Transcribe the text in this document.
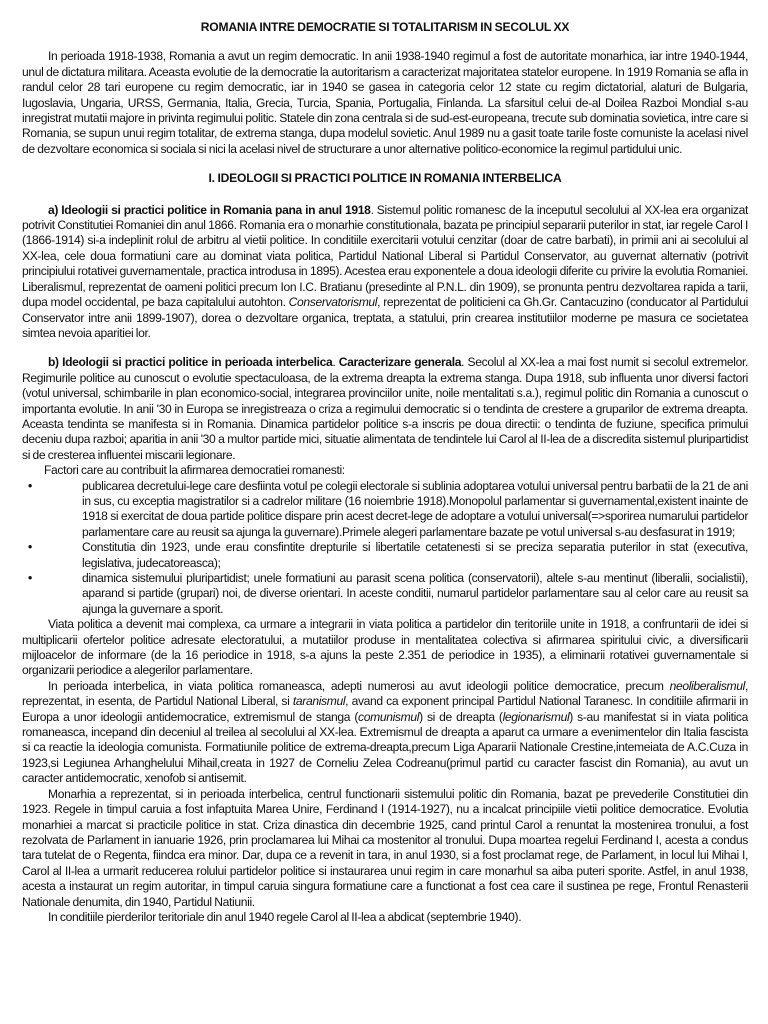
ROMANIA INTRE DEMOCRATIE SI TOTALITARISM IN SECOLUL XX

In perioada 1918-1938, Romania a avut un regim democratic. In anii 1938-1940 regimul a fost de autoritate monarhica, iar intre 1940-1944, unul de dictatura militara. Aceasta evolutie de la democratie la autoritarism a caracterizat majoritatea statelor europene. In 1919 Romania se afla in randul celor 28 tari europene cu regim democratic, iar in 1940 se gasea in categoria celor 12 state cu regim dictatorial, alaturi de Bulgaria, Iugoslavia, Ungaria, URSS, Germania, Italia, Grecia, Turcia, Spania, Portugalia, Finlanda. La sfarsitul celui de-al Doilea Razboi Mondial s-au inregistrat mutatii majore in privinta regimului politic. Statele din zona centrala si de sud-est-europeana, trecute sub dominatia sovietica, intre care si Romania, se supun unui regim totalitar, de extrema stanga, dupa modelul sovietic. Anul 1989 nu a gasit toate tarile foste comuniste la acelasi nivel de dezvoltare economica si sociala si nici la acelasi nivel de structurare a unor alternative politico-economice la regimul partidului unic.

I. IDEOLOGII SI PRACTICI POLITICE IN ROMANIA INTERBELICA

a) Ideologii si practici politice in Romania pana in anul 1918. Sistemul politic romanesc de la inceputul secolului al XX-lea era organizat potrivit Constitutiei Romaniei din anul 1866. Romania era o monarhie constitutionala, bazata pe principiul separarii puterilor in stat, iar regele Carol I (1866-1914) si-a indeplinit rolul de arbitru al vietii politice. In conditiile exercitarii votului cenzitar (doar de catre barbati), in primii ani ai secolului al XX-lea, cele doua formatiuni care au dominat viata politica, Partidul National Liberal si Partidul Conservator, au guvernat alternativ (potrivit principiului rotativei guvernamentale, practica introdusa in 1895). Acestea erau exponentele a doua ideologii diferite cu privire la evolutia Romaniei. Liberalismul, reprezentat de oameni politici precum Ion I.C. Bratianu (presedinte al P.N.L. din 1909), se pronunta pentru dezvoltarea rapida a tarii, dupa model occidental, pe baza capitalului autohton. Conservatorismul, reprezentat de politicieni ca Gh.Gr. Cantacuzino (conducator al Partidului Conservator intre anii 1899-1907), dorea o dezvoltare organica, treptata, a statului, prin crearea institutiilor moderne pe masura ce societatea simtea nevoia aparitiei lor.

b) Ideologii si practici politice in perioada interbelica. Caracterizare generala. Secolul al XX-lea a mai fost numit si secolul extremelor. Regimurile politice au cunoscut o evolutie spectaculoasa, de la extrema dreapta la extrema stanga. Dupa 1918, sub influenta unor diversi factori (votul universal, schimbarile in plan economico-social, integrarea provinciilor unite, noile mentalitati s.a.), regimul politic din Romania a cunoscut o importanta evolutie. In anii '30 in Europa se inregistreaza o criza a regimului democratic si o tendinta de crestere a gruparilor de extrema dreapta. Aceasta tendinta se manifesta si in Romania. Dinamica partidelor politice s-a inscris pe doua directii: o tendinta de fuziune, specifica primului deceniu dupa razboi; aparitia in anii '30 a multor partide mici, situatie alimentata de tendintele lui Carol al II-lea de a discredita sistemul pluripartidist si de cresterea influentei miscarii legionare.

Factori care au contribuit la afirmarea democratiei romanesti:

•	publicarea decretului-lege care desfiinta votul pe colegii electorale si sublinia adoptarea votului universal pentru barbatii de la 21 de ani in sus, cu exceptia magistratilor si a cadrelor militare (16 noiembrie 1918).Monopolul parlamentar si guvernamental,existent inainte de 1918 si exercitat de doua partide politice dispare prin acest decret-lege de adoptare a votului universal(=>sporirea numarului partidelor parlamentare care au reusit sa ajunga la guvernare).Primele alegeri parlamentare bazate pe votul universal s-au desfasurat in 1919;
•	Constitutia din 1923, unde erau consfintite drepturile si libertatile cetatenesti si se preciza separatia puterilor in stat (executiva, legislativa, judecatoreasca);
•	dinamica sistemului pluripartidist; unele formatiuni au parasit scena politica (conservatorii), altele s-au mentinut (liberalii, socialistii), aparand si partide (grupari) noi, de diverse orientari. In aceste conditii, numarul partidelor parlamentare sau al celor care au reusit sa ajunga la guvernare a sporit.

Viata politica a devenit mai complexa, ca urmare a integrarii in viata politica a partidelor din teritoriile unite in 1918, a confruntarii de idei si multiplicarii ofertelor politice adresate electoratului, a mutatiilor produse in mentalitatea colectiva si afirmarea spiritului civic, a diversificarii mijloacelor de informare (de la 16 periodice in 1918, s-a ajuns la peste 2.351 de periodice in 1935), a eliminarii rotativei guvernamentale si organizarii periodice a alegerilor parlamentare.

In perioada interbelica, in viata politica romaneasca, adepti numerosi au avut ideologii politice democratice, precum neoliberalismul, reprezentat, in esenta, de Partidul National Liberal, si taranismul, avand ca exponent principal Partidul National Taranesc. In conditiile afirmarii in Europa a unor ideologii antidemocratice, extremismul de stanga (comunismul) si de dreapta (legionarismul) s-au manifestat si in viata politica romaneasca, incepand din deceniul al treilea al secolului al XX-lea. Extremismul de dreapta a aparut ca urmare a evenimentelor din Italia fascista si ca reactie la ideologia comunista. Formatiunile politice de extrema-dreapta,precum Liga Apararii Nationale Crestine,intemeiata de A.C.Cuza in 1923,si Legiunea Arhanghelului Mihail,creata in 1927 de Corneliu Zelea Codreanu(primul partid cu caracter fascist din Romania), au avut un caracter antidemocratic, xenofob si antisemit.

Monarhia a reprezentat, si in perioada interbelica, centrul functionarii sistemului politic din Romania, bazat pe prevederile Constitutiei din 1923. Regele in timpul caruia a fost infaptuita Marea Unire, Ferdinand I (1914-1927), nu a incalcat principiile vietii politice democratice. Evolutia monarhiei a marcat si practicile politice in stat. Criza dinastica din decembrie 1925, cand printul Carol a renuntat la mostenirea tronului, a fost rezolvata de Parlament in ianuarie 1926, prin proclamarea lui Mihai ca mostenitor al tronului. Dupa moartea regelui Ferdinand I, acesta a condus tara tutelat de o Regenta, fiindca era minor. Dar, dupa ce a revenit in tara, in anul 1930, si a fost proclamat rege, de Parlament, in locul lui Mihai I, Carol al II-lea a urmarit reducerea rolului partidelor politice si instaurarea unui regim in care monarhul sa aiba puteri sporite. Astfel, in anul 1938, acesta a instaurat un regim autoritar, in timpul caruia singura formatiune care a functionat a fost cea care il sustinea pe rege, Frontul Renasterii Nationale denumita, din 1940, Partidul Natiunii.

In conditiile pierderilor teritoriale din anul 1940 regele Carol al II-lea a abdicat (septembrie 1940).
